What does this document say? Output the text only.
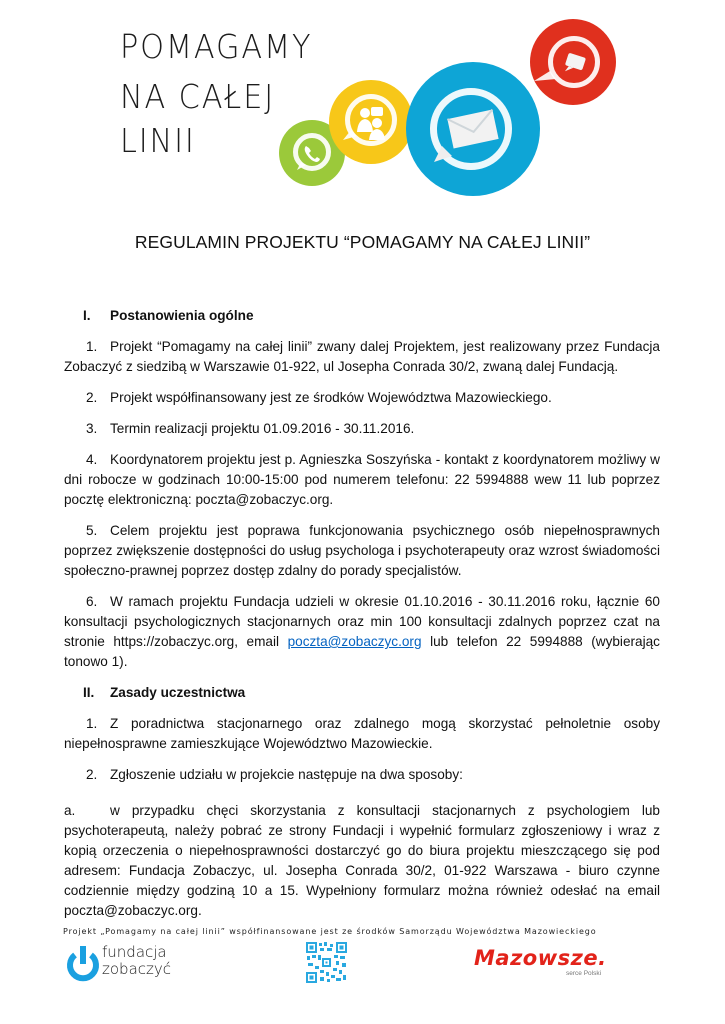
POMAGAMY
NA CAŁEJ
LINII
REGULAMIN PROJEKTU “POMAGAMY NA CAŁEJ LINII”
I. Postanowienia ogólne

1. Projekt “Pomagamy na całej linii” zwany dalej Projektem, jest realizowany przez Fundacja Zobaczyć z siedzibą w Warszawie 01-922, ul Josepha Conrada 30/2, zwaną dalej Fundacją.

2. Projekt współfinansowany jest ze środków Województwa Mazowieckiego.

3. Termin realizacji projektu 01.09.2016 - 30.11.2016.

4. Koordynatorem projektu jest p. Agnieszka Soszyńska - kontakt z koordynatorem możliwy w dni robocze w godzinach 10:00-15:00 pod numerem telefonu: 22 5994888 wew 11 lub poprzez pocztę elektroniczną: poczta@zobaczyc.org.

5. Celem projektu jest poprawa funkcjonowania psychicznego osób niepełnosprawnych poprzez zwiększenie dostępności do usług psychologa i psychoterapeuty oraz wzrost świadomości społeczno-prawnej poprzez dostęp zdalny do porady specjalistów.

6. W ramach projektu Fundacja udzieli w okresie 01.10.2016 - 30.11.2016 roku, łącznie 60 konsultacji psychologicznych stacjonarnych oraz min 100 konsultacji zdalnych poprzez czat na stronie https://zobaczyc.org, email poczta@zobaczyc.org lub telefon 22 5994888 (wybierając tonowo 1).

II. Zasady uczestnictwa

1. Z poradnictwa stacjonarnego oraz zdalnego mogą skorzystać pełnoletnie osoby niepełnosprawne zamieszkujące Województwo Mazowieckie.

2. Zgłoszenie udziału w projekcie następuje na dwa sposoby:

a.	w przypadku chęci skorzystania z konsultacji stacjonarnych z psychologiem lub psychoterapeutą, należy pobrać ze strony Fundacji i wypełnić formularz zgłoszeniowy i wraz z kopią orzeczenia o niepełnosprawności dostarczyć go do biura projektu mieszczącego się pod adresem: Fundacja Zobaczyc, ul. Josepha Conrada 30/2, 01-922 Warszawa - biuro czynne codziennie między godziną 10 a 15. Wypełniony formularz można również odesłać na email poczta@zobaczyc.org.

Projekt „Pomagamy na całej linii” współfinansowane jest ze środków Samorządu Województwa Mazowieckiego
fundacja
zobaczyć	Mazowsze.
serce Polski
